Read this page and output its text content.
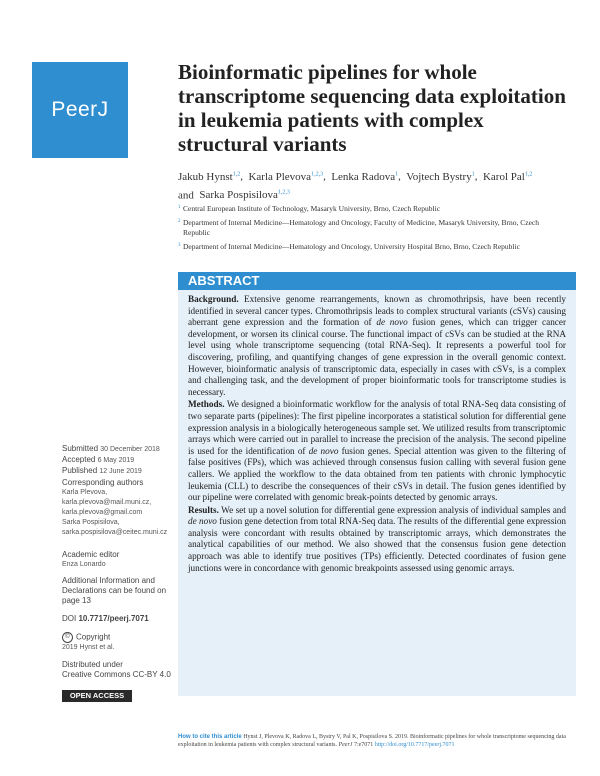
PeerJ
Bioinformatic pipelines for whole transcriptome sequencing data exploitation in leukemia patients with complex structural variants
Jakub Hynst$^{1,2}$,  Karla Plevova$^{1,2,3}$,  Lenka Radova$^1$,  Vojtech Bystry$^1$,  Karol Pal$^{1,2}$
and Sarka Pospisilova$^{1,2,3}$
1 Central European Institute of Technology, Masaryk University, Brno, Czech Republic
2 Department of Internal Medicine—Hematology and Oncology, Faculty of Medicine, Masaryk University, Brno, Czech Republic
3 Department of Internal Medicine—Hematology and Oncology, University Hospital Brno, Brno, Czech Republic
ABSTRACT

Background. Extensive genome rearrangements, known as chromothripsis, have been recently identified in several cancer types. Chromothripsis leads to complex structural variants (cSVs) causing aberrant gene expression and the formation of de novo fusion genes, which can trigger cancer development, or worsen its clinical course. The functional impact of cSVs can be studied at the RNA level using whole transcriptome sequencing (total RNA-Seq). It represents a powerful tool for discovering, profiling, and quantifying changes of gene expression in the overall genomic context. However, bioinformatic analysis of transcriptomic data, especially in cases with cSVs, is a complex and challenging task, and the development of proper bioinformatic tools for transcriptome studies is necessary.

Methods. We designed a bioinformatic workflow for the analysis of total RNA-Seq data consisting of two separate parts (pipelines): The first pipeline incorporates a statistical solution for differential gene expression analysis in a biologically heterogeneous sample set. We utilized results from transcriptomic arrays which were carried out in parallel to increase the precision of the analysis. The second pipeline is used for the identification of de novo fusion genes. Special attention was given to the filtering of false positives (FPs), which was achieved through consensus fusion calling with several fusion gene callers. We applied the workflow to the data obtained from ten patients with chronic lymphocytic leukemia (CLL) to describe the consequences of their cSVs in detail. The fusion genes identified by our pipeline were correlated with genomic break-points detected by genomic arrays.

Results. We set up a novel solution for differential gene expression analysis of individual samples and de novo fusion gene detection from total RNA-Seq data. The results of the differential gene expression analysis were concordant with results obtained by transcriptomic arrays, which demonstrates the analytical capabilities of our method. We also showed that the consensus fusion gene detection approach was able to identify true positives (TPs) efficiently. Detected coordinates of fusion gene junctions were in concordance with genomic breakpoints assessed using genomic arrays.

Submitted 30 December 2018
Accepted 6 May 2019
Published 12 June 2019
Corresponding authors
Karla Plevova,
karla.plevova@mail.muni.cz,
karla.plevova@gmail.com
Sarka Pospisilova,
sarka.pospisilova@ceitec.muni.cz
Academic editor
Enza Lonardo
Additional Information and Declarations can be found on page 13
DOI 10.7717/peerj.7071
© Copyright
2019 Hynst et al.
Distributed under
Creative Commons CC-BY 4.0
OPEN ACCESS
How to cite this article Hynst J, Plevova K, Radova L, Bystry V, Pal K, Pospisilova S. 2019. Bioinformatic pipelines for whole transcriptome sequencing data exploitation in leukemia patients with complex structural variants. PeerJ 7:e7071 http://doi.org/10.7717/peerj.7071
